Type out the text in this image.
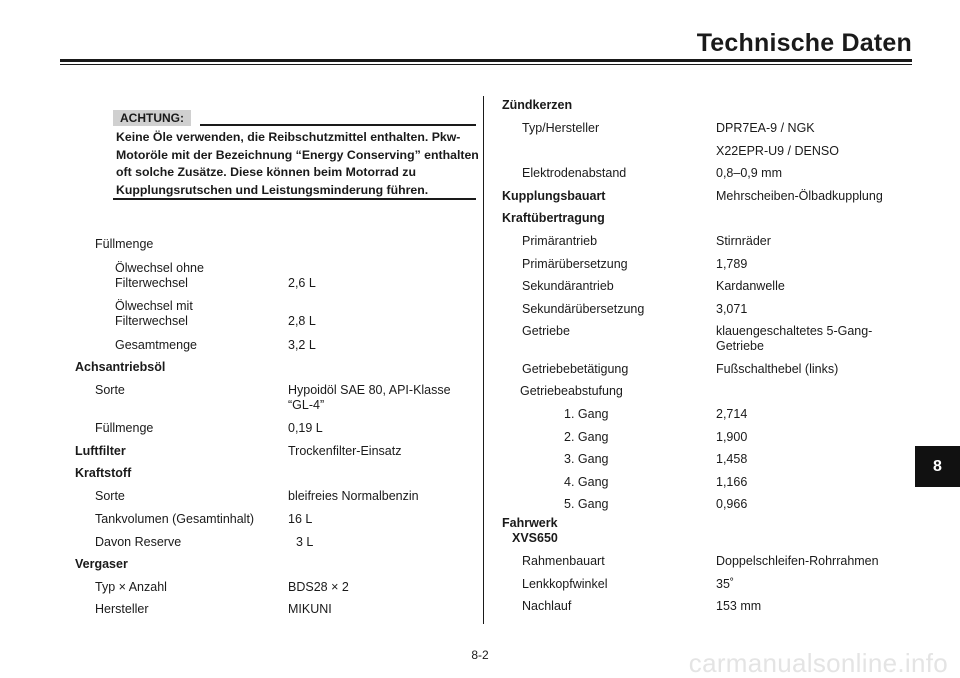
Technische Daten
ACHTUNG:
Keine Öle verwenden, die Reibschutzmittel enthalten. Pkw-Motoröle mit der Bezeichnung “Energy Conserving” enthalten oft solche Zusätze. Diese können beim Motorrad zu Kupplungsrutschen und Leistungsminderung führen.
Füllmenge
Ölwechsel ohne
Filterwechsel	2,6 L
Ölwechsel mit
Filterwechsel	2,8 L
Gesamtmenge	3,2 L
Achsantriebsöl
Sorte	Hypoidöl SAE 80, API-Klasse
“GL-4”
Füllmenge	0,19 L
Luftfilter	Trockenfilter-Einsatz
Kraftstoff
Sorte	bleifreies Normalbenzin
Tankvolumen (Gesamtinhalt)	16 L
Davon Reserve	3 L
Vergaser
Typ × Anzahl	BDS28 × 2
Hersteller	MIKUNI
Zündkerzen
Typ/Hersteller	DPR7EA-9 / NGK
X22EPR-U9 / DENSO
Elektrodenabstand	0,8–0,9 mm
Kupplungsbauart	Mehrscheiben-Ölbadkupplung
Kraftübertragung
Primärantrieb	Stirnräder
Primärübersetzung	1,789
Sekundärantrieb	Kardanwelle
Sekundärübersetzung	3,071
Getriebe	klauengeschaltetes 5-Gang-
Getriebe
Getriebebetätigung	Fußschalthebel (links)
Getriebeabstufung
1. Gang	2,714
2. Gang	1,900
3. Gang	1,458
4. Gang	1,166
5. Gang	0,966
Fahrwerk
XVS650
Rahmenbauart	Doppelschleifen-Rohrrahmen
Lenkkopfwinkel	35˚
Nachlauf	153 mm
8
8-2	carmanualsonline.info
